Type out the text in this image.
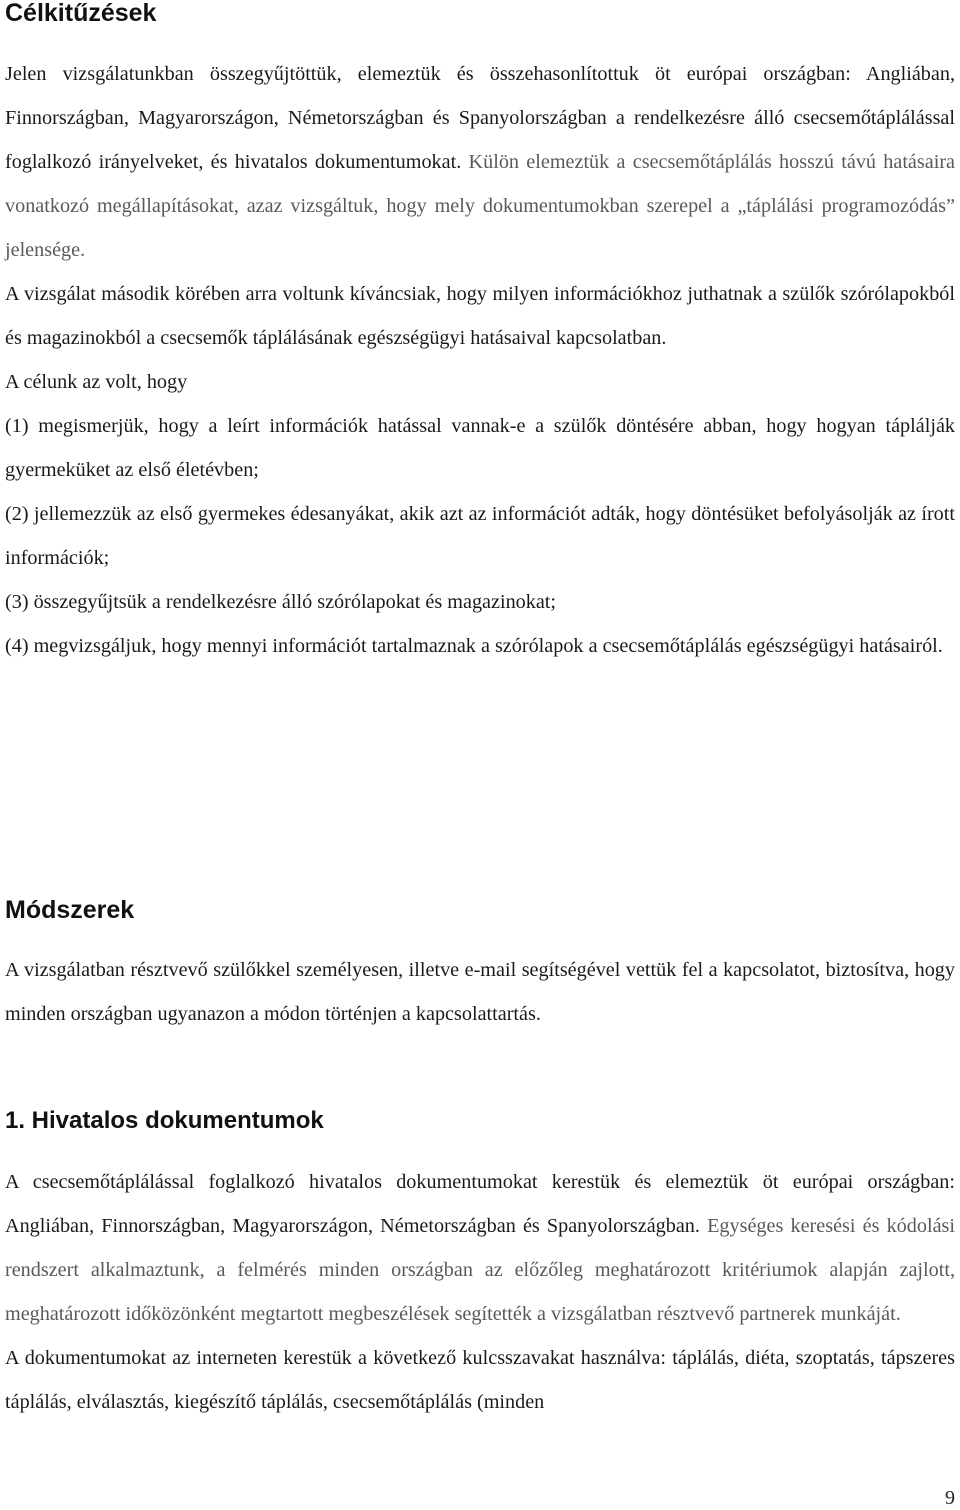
Célkitűzések

Jelen vizsgálatunkban összegyűjtöttük, elemeztük és összehasonlítottuk öt európai országban: Angliában, Finnországban, Magyarországon, Németországban és Spanyolországban a rendelkezésre álló csecsemőtáplálással foglalkozó irányelveket, és hivatalos dokumentumokat. Külön elemeztük a csecsemőtáplálás hosszú távú hatásaira vonatkozó megállapításokat, azaz vizsgáltuk, hogy mely dokumentumokban szerepel a „táplálási programozódás” jelensége.

A vizsgálat második körében arra voltunk kíváncsiak, hogy milyen információkhoz juthatnak a szülők szórólapokból és magazinokból a csecsemők táplálásának egészségügyi hatásaival kapcsolatban.

A célunk az volt, hogy

(1) megismerjük, hogy a leírt információk hatással vannak-e a szülők döntésére abban, hogy hogyan táplálják gyermeküket az első életévben;

(2) jellemezzük az első gyermekes édesanyákat, akik azt az információt adták, hogy döntésüket befolyásolják az írott információk;

(3) összegyűjtsük a rendelkezésre álló szórólapokat és magazinokat;

(4) megvizsgáljuk, hogy mennyi információt tartalmaznak a szórólapok a csecsemőtáplálás egészségügyi hatásairól.

Módszerek

A vizsgálatban résztvevő szülőkkel személyesen, illetve e-mail segítségével vettük fel a kapcsolatot, biztosítva, hogy minden országban ugyanazon a módon történjen a kapcsolattartás.

1. Hivatalos dokumentumok

A csecsemőtáplálással foglalkozó hivatalos dokumentumokat kerestük és elemeztük öt európai országban: Angliában, Finnországban, Magyarországon, Németországban és Spanyolországban. Egységes keresési és kódolási rendszert alkalmaztunk, a felmérés minden országban az előzőleg meghatározott kritériumok alapján zajlott, meghatározott időközönként megtartott megbeszélések segítették a vizsgálatban résztvevő partnerek munkáját.

A dokumentumokat az interneten kerestük a következő kulcsszavakat használva: táplálás, diéta, szoptatás, tápszeres táplálás, elválasztás, kiegészítő táplálás, csecsemőtáplálás (minden

9
